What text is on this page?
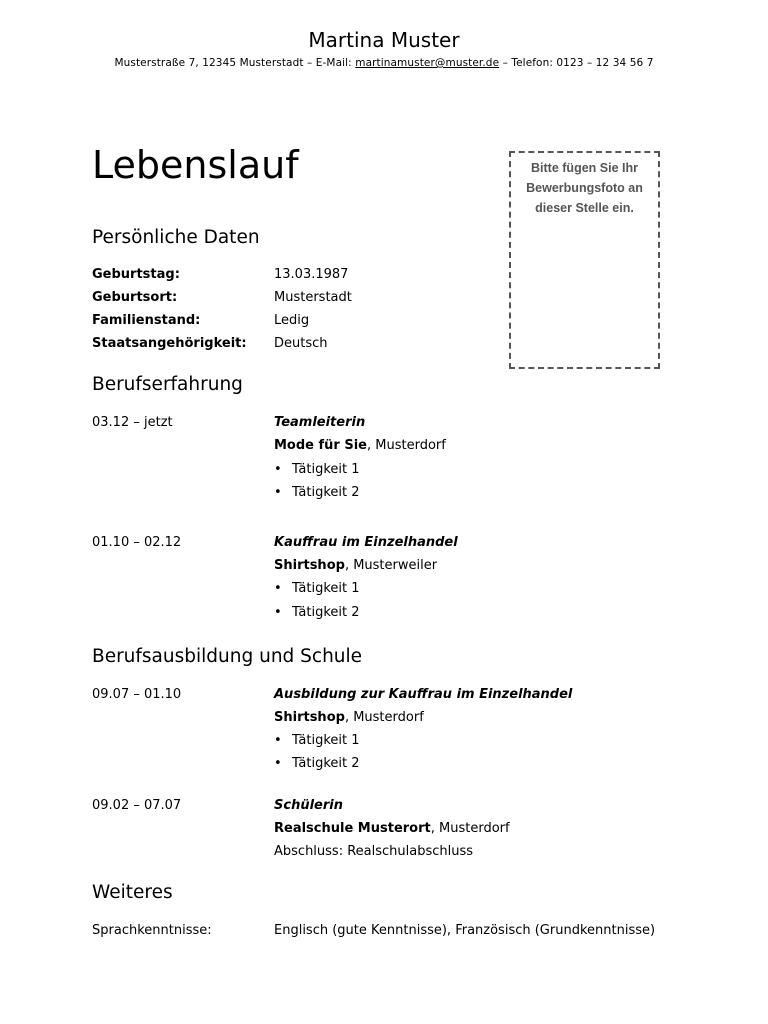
Martina Muster
Musterstraße 7, 12345 Musterstadt – E-Mail: martinamuster@muster.de – Telefon: 0123 – 12 34 56 7
Lebenslauf	Bitte fügen Sie Ihr Bewerbungsfoto an dieser Stelle ein.
Persönliche Daten
Geburtstag:	13.03.1987
Geburtsort:	Musterstadt
Familienstand:	Ledig
Staatsangehörigkeit: Deutsch
Berufserfahrung
03.12 – jetzt	Teamleiterin
Mode für Sie, Musterdorf
• Tätigkeit 1
• Tätigkeit 2
01.10 – 02.12	Kauffrau im Einzelhandel
Shirtshop, Musterweiler
• Tätigkeit 1
• Tätigkeit 2
Berufsausbildung und Schule
09.07 – 01.10	Ausbildung zur Kauffrau im Einzelhandel
Shirtshop, Musterdorf
• Tätigkeit 1
• Tätigkeit 2
09.02 – 07.07	Schülerin
Realschule Musterort, Musterdorf
Abschluss: Realschulabschluss
Weiteres
Sprachkenntnisse:	Englisch (gute Kenntnisse), Französisch (Grundkenntnisse)
